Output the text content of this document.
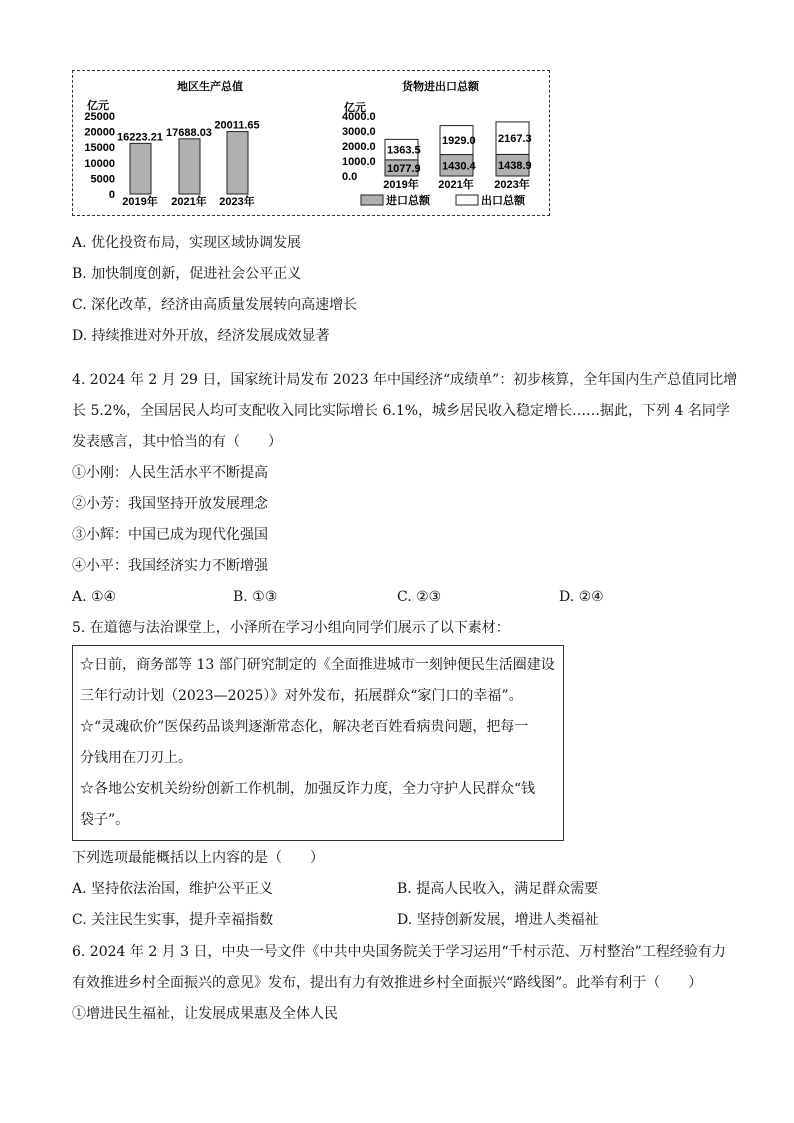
地区生产总值
亿元
25000
20000
15000
10000
5000
0
16223.21
2019年
17688.03
2021年
20011.65
2023年
货物进出口总额
亿元
4000.0
3000.0
2000.0
1000.0
0.0
1077.9
1363.5
2019年
1430.4
1929.0
2021年
1438.9
2167.3
2023年
进口总额	出口总额
A. 优化投资布局，实现区域协调发展
B. 加快制度创新，促进社会公平正义
C. 深化改革，经济由高质量发展转向高速增长
D. 持续推进对外开放，经济发展成效显著
4. 2024 年 2 月 29 日，国家统计局发布 2023 年中国经济“成绩单”：初步核算，全年国内生产总值同比增
长 5.2%，全国居民人均可支配收入同比实际增长 6.1%，城乡居民收入稳定增长……据此，下列 4 名同学
发表感言，其中恰当的有（　　）
①小刚：人民生活水平不断提高
②小芳：我国坚持开放发展理念
③小辉：中国已成为现代化强国
④小平：我国经济实力不断增强
A. ①④	B. ①③	C. ②③	D. ②④
5. 在道德与法治课堂上，小泽所在学习小组向同学们展示了以下素材：
☆日前，商务部等 13 部门研究制定的《全面推进城市一刻钟便民生活圈建设
三年行动计划（2023—2025）》对外发布，拓展群众“家门口的幸福”。
☆“灵魂砍价”医保药品谈判逐渐常态化，解决老百姓看病贵问题，把每一
分钱用在刀刃上。
☆各地公安机关纷纷创新工作机制，加强反诈力度，全力守护人民群众“钱
袋子”。
下列选项最能概括以上内容的是（　　）
A. 坚持依法治国，维护公平正义	B. 提高人民收入，满足群众需要
C. 关注民生实事，提升幸福指数	D. 坚持创新发展，增进人类福祉
6. 2024 年 2 月 3 日，中央一号文件《中共中央国务院关于学习运用“千村示范、万村整治”工程经验有力
有效推进乡村全面振兴的意见》发布，提出有力有效推进乡村全面振兴“路线图”。此举有利于（　　）
①增进民生福祉，让发展成果惠及全体人民
